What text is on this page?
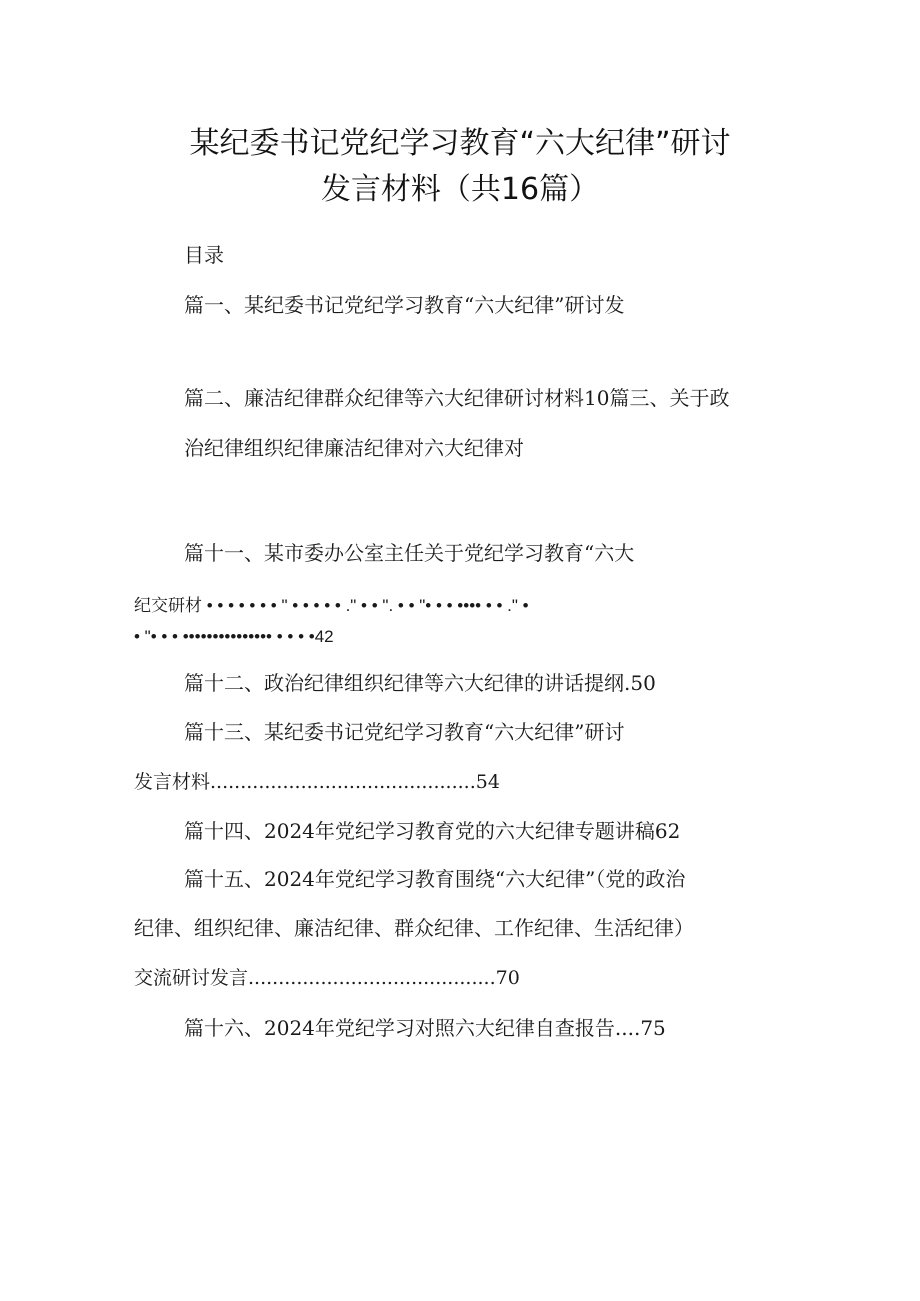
某纪委书记党纪学习教育“六大纪律”研讨
发言材料（共16篇）

目录

篇一、某纪委书记党纪学习教育“六大纪律”研讨发

篇二、廉洁纪律群众纪律等六大纪律研讨材料10篇三、关于政

治纪律组织纪律廉洁纪律对六大纪律对

篇十一、某市委办公室主任关于党纪学习教育“六大

纪交研材 • • • • • • • " • • • • • ." • • ". • • "• • • •••• • • ." •

• "• • • ••••••••••••••• • • • •42

篇十二、政治纪律组织纪律等六大纪律的讲话提纲.50

篇十三、某纪委书记党纪学习教育“六大纪律”研讨

发言材料............................................54

篇十四、2024年党纪学习教育党的六大纪律专题讲稿62

篇十五、2024年党纪学习教育围绕“六大纪律”（党的政治

纪律、组织纪律、廉洁纪律、群众纪律、工作纪律、生活纪律）

交流研讨发言.........................................70

篇十六、2024年党纪学习对照六大纪律自查报告....75
